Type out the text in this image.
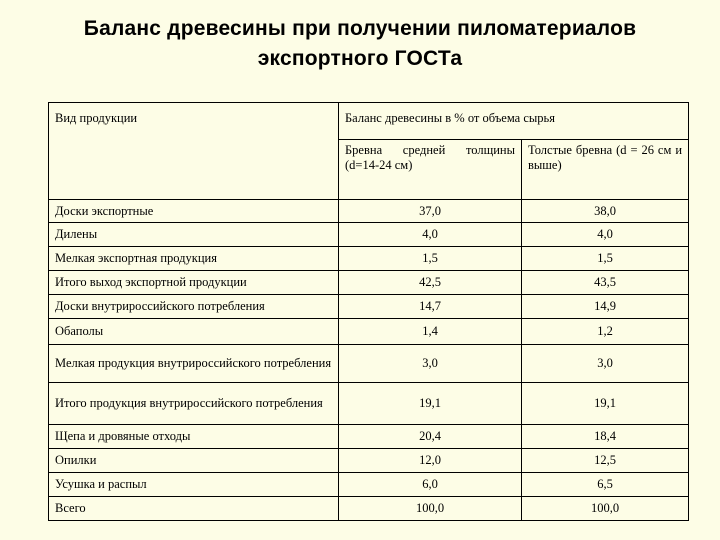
Баланс древесины при получении пиломатериалов
экспортного ГОСТа
Вид продукции	Баланс древесины в % от объема сырья	
	Бревна средней толщины (d=14-24 см)	Толстые бревна (d = 26 см и выше)
Доски экспортные	37,0	38,0
Дилены	4,0	4,0
Мелкая экспортная продукция	1,5	1,5
Итого выход экспортной продукции	42,5	43,5
Доски внутрироссийского потребления	14,7	14,9
Обаполы	1,4	1,2
Мелкая продукция внутрироссийского потребления	3,0	3,0
Итого продукция внутрироссийского потребления	19,1	19,1
Щепа и дровяные отходы	20,4	18,4
Опилки	12,0	12,5
Усушка и распыл	6,0	6,5
Всего	100,0	100,0
